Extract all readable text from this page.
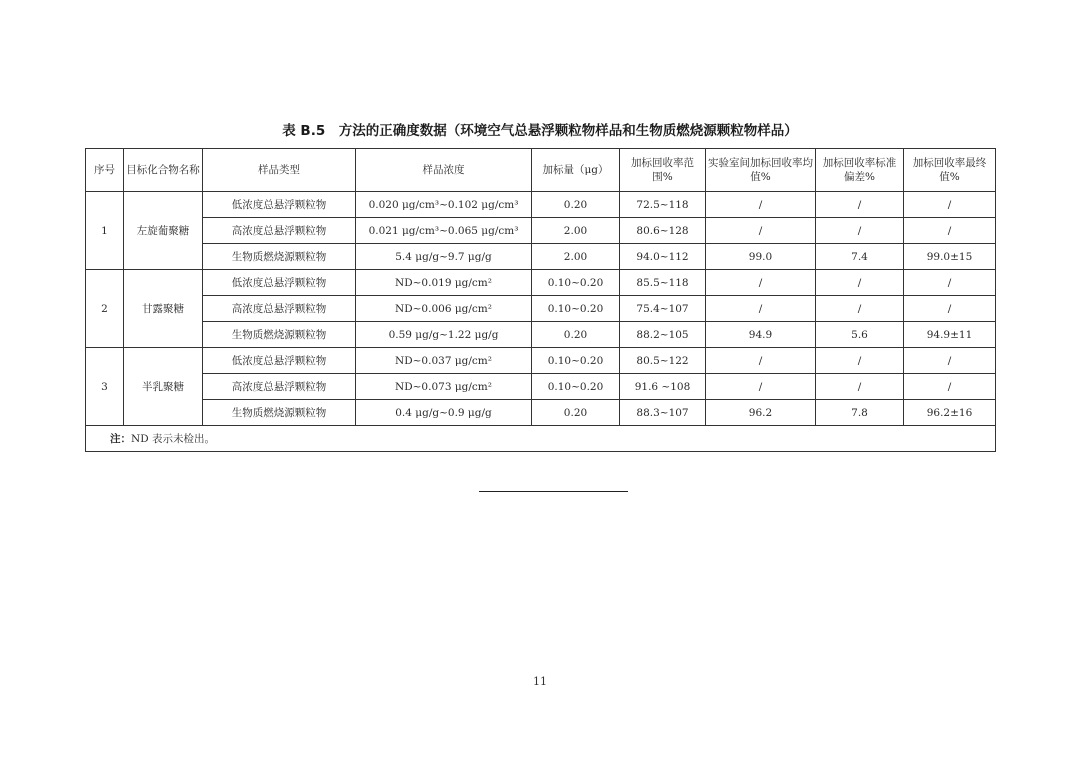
表 B.5　方法的正确度数据（环境空气总悬浮颗粒物样品和生物质燃烧源颗粒物样品）
序号	目标化合物名称	样品类型	样品浓度	加标量（μg）	加标回收率范围%	实验室间加标回收率均值%	加标回收率标准偏差%	加标回收率最终值%
1	左旋葡聚糖	低浓度总悬浮颗粒物	0.020 μg/cm³~0.102 μg/cm³	0.20	72.5~118	/	/	/
		高浓度总悬浮颗粒物	0.021 μg/cm³~0.065 μg/cm³	2.00	80.6~128	/	/	/
		生物质燃烧源颗粒物	5.4 μg/g~9.7 μg/g	2.00	94.0~112	99.0	7.4	99.0±15
2	甘露聚糖	低浓度总悬浮颗粒物	ND~0.019 μg/cm²	0.10~0.20	85.5~118	/	/	/
		高浓度总悬浮颗粒物	ND~0.006 μg/cm²	0.10~0.20	75.4~107	/	/	/
		生物质燃烧源颗粒物	0.59 μg/g~1.22 μg/g	0.20	88.2~105	94.9	5.6	94.9±11
3	半乳聚糖	低浓度总悬浮颗粒物	ND~0.037 μg/cm²	0.10~0.20	80.5~122	/	/	/
		高浓度总悬浮颗粒物	ND~0.073 μg/cm²	0.10~0.20	91.6 ~108	/	/	/
		生物质燃烧源颗粒物	0.4 μg/g~0.9 μg/g	0.20	88.3~107	96.2	7.8	96.2±16
注：ND 表示未检出。								
11
